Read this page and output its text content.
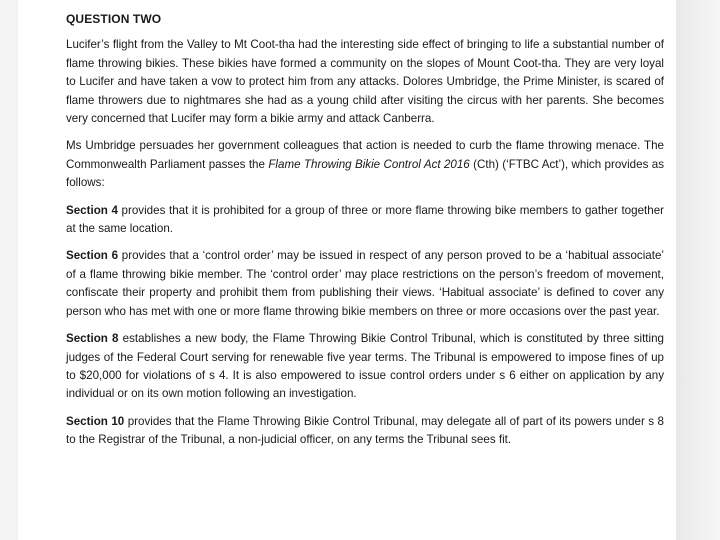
QUESTION TWO

Lucifer’s flight from the Valley to Mt Coot-tha had the interesting side effect of bringing to life a substantial number of flame throwing bikies. These bikies have formed a community on the slopes of Mount Coot-tha. They are very loyal to Lucifer and have taken a vow to protect him from any attacks. Dolores Umbridge, the Prime Minister, is scared of flame throwers due to nightmares she had as a young child after visiting the circus with her parents. She becomes very concerned that Lucifer may form a bikie army and attack Canberra.

Ms Umbridge persuades her government colleagues that action is needed to curb the flame throwing menace. The Commonwealth Parliament passes the Flame Throwing Bikie Control Act 2016 (Cth) (‘FTBC Act’), which provides as follows:

Section 4 provides that it is prohibited for a group of three or more flame throwing bike members to gather together at the same location.

Section 6 provides that a ‘control order’ may be issued in respect of any person proved to be a ‘habitual associate’ of a flame throwing bikie member. The ‘control order’ may place restrictions on the person’s freedom of movement, confiscate their property and prohibit them from publishing their views. ‘Habitual associate’ is defined to cover any person who has met with one or more flame throwing bikie members on three or more occasions over the past year.

Section 8 establishes a new body, the Flame Throwing Bikie Control Tribunal, which is constituted by three sitting judges of the Federal Court serving for renewable five year terms. The Tribunal is empowered to impose fines of up to $20,000 for violations of s 4. It is also empowered to issue control orders under s 6 either on application by any individual or on its own motion following an investigation.

Section 10 provides that the Flame Throwing Bikie Control Tribunal, may delegate all of part of its powers under s 8 to the Registrar of the Tribunal, a non-judicial officer, on any terms the Tribunal sees fit.
